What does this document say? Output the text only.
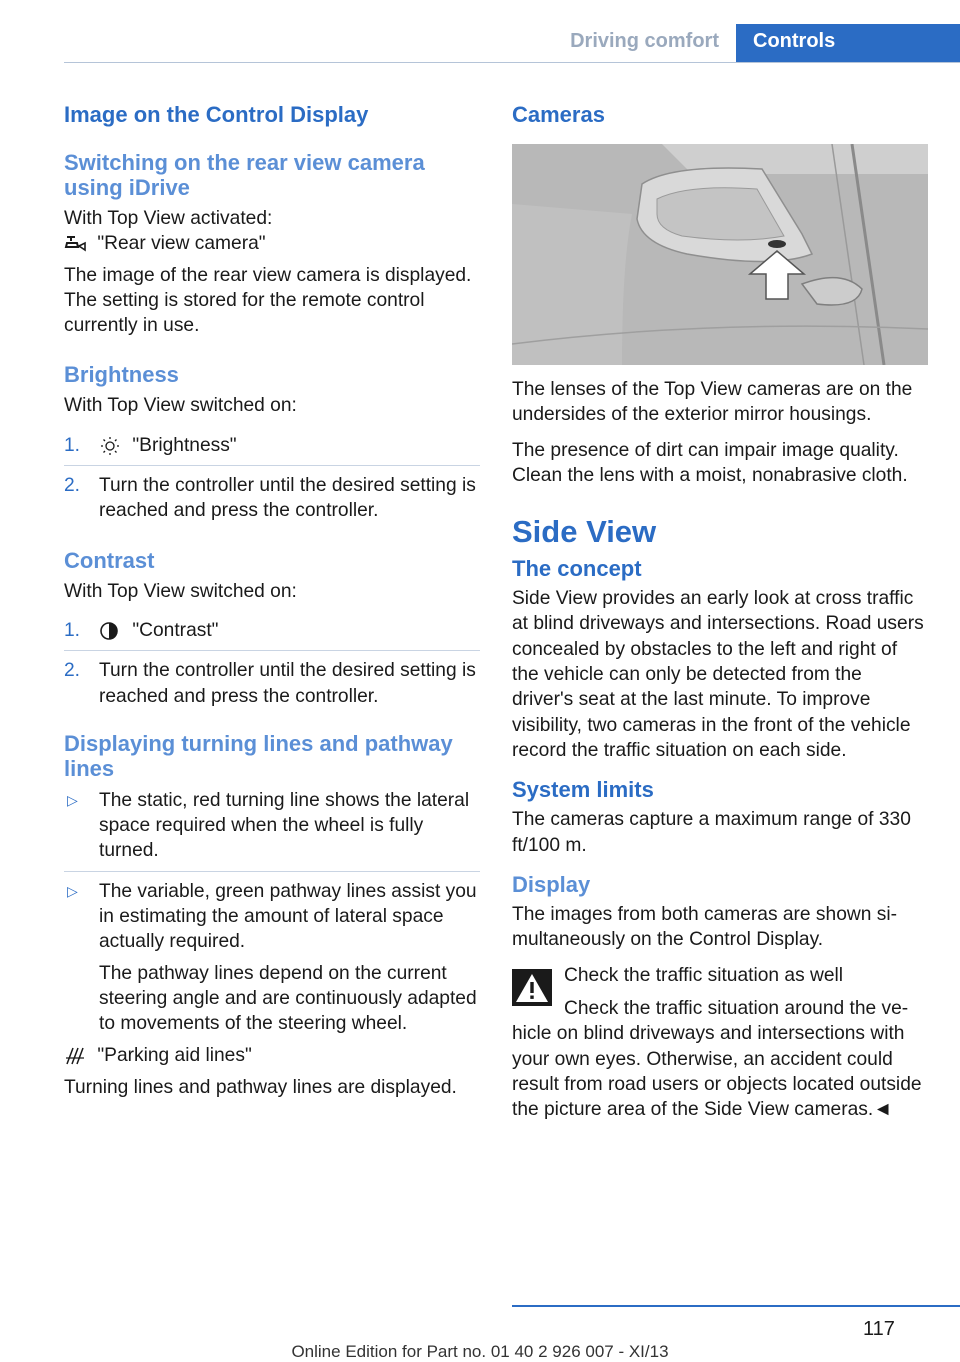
Driving comfort	Controls
Image on the Control Display
Switching on the rear view camera using iDrive

With Top View activated:

"Rear view camera"

The image of the rear view camera is displayed. The setting is stored for the remote control currently in use.

Brightness

With Top View switched on:

1.	"Brightness"
2. Turn the controller until the desired setting is reached and press the controller.
Contrast

With Top View switched on:

1.	"Contrast"
2. Turn the controller until the desired setting is reached and press the controller.
Displaying turning lines and pathway lines
▷ The static, red turning line shows the lateral space required when the wheel is fully turned.
▷ The variable, green pathway lines assist you in estimating the amount of lateral space actually required.
The pathway lines depend on the current steering angle and are continuously adapted to movements of the steering wheel.

"Parking aid lines"

Turning lines and pathway lines are displayed.

Cameras

The lenses of the Top View cameras are on the undersides of the exterior mirror housings.

The presence of dirt can impair image quality. Clean the lens with a moist, nonabrasive cloth.

Side View
The concept

Side View provides an early look at cross traffic at blind driveways and intersections. Road users concealed by obstacles to the left and right of the vehicle can only be detected from the driver's seat at the last minute. To improve visibility, two cameras in the front of the vehicle record the traffic situation on each side.

System limits

The cameras capture a maximum range of 330 ft/100 m.

Display

The images from both cameras are shown simultaneously on the Control Display.

Check the traffic situation as well

Check the traffic situation around the vehicle on blind driveways and intersections with your own eyes. Otherwise, an accident could result from road users or objects located outside the picture area of the Side View cameras.◄

117
Online Edition for Part no. 01 40 2 926 007 - XI/13
